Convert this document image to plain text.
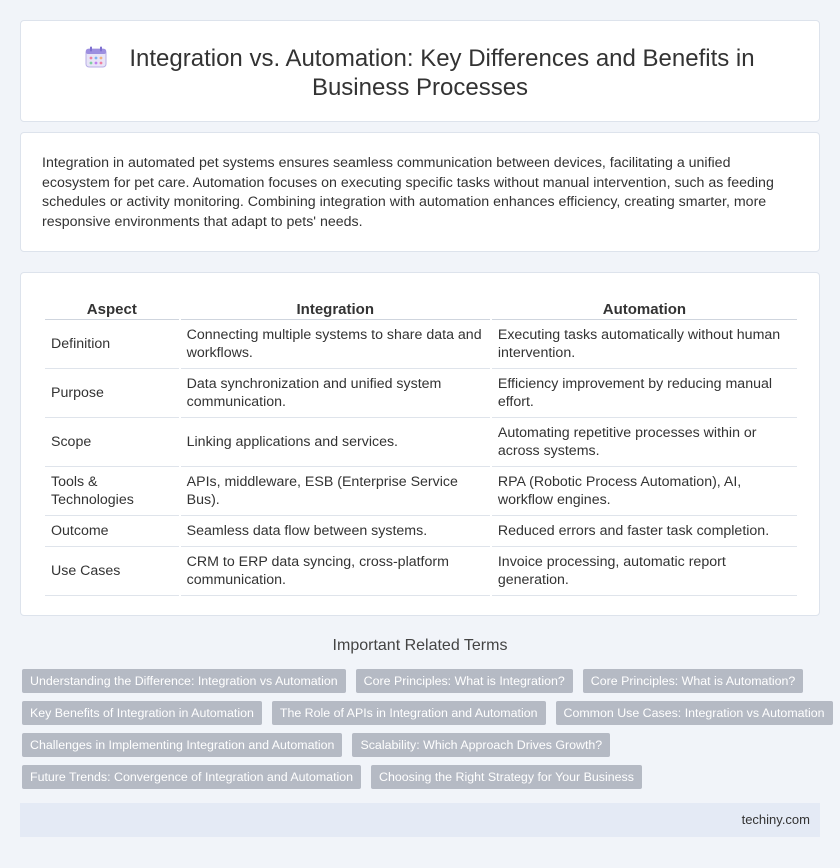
Integration vs. Automation: Key Differences and Benefits in
Business Processes

Integration in automated pet systems ensures seamless communication between devices, facilitating a unified ecosystem for pet care. Automation focuses on executing specific tasks without manual intervention, such as feeding schedules or activity monitoring. Combining integration with automation enhances efficiency, creating smarter, more responsive environments that adapt to pets' needs.

Aspect	Integration	Automation
Definition	Connecting multiple systems to share data and workflows.	Executing tasks automatically without human intervention.
Purpose	Data synchronization and unified system communication.	Efficiency improvement by reducing manual effort.
Scope	Linking applications and services.	Automating repetitive processes within or across systems.
Tools & Technologies	APIs, middleware, ESB (Enterprise Service Bus).	RPA (Robotic Process Automation), AI, workflow engines.
Outcome	Seamless data flow between systems.	Reduced errors and faster task completion.
Use Cases	CRM to ERP data syncing, cross-platform communication.	Invoice processing, automatic report generation.
Important Related Terms
Understanding the Difference: Integration vs Automation	Core Principles: What is Integration?	Core Principles: What is Automation?
Key Benefits of Integration in Automation	The Role of APIs in Integration and Automation	Common Use Cases: Integration vs Automation
Challenges in Implementing Integration and Automation	Scalability: Which Approach Drives Growth?
Future Trends: Convergence of Integration and Automation	Choosing the Right Strategy for Your Business
techiny.com
